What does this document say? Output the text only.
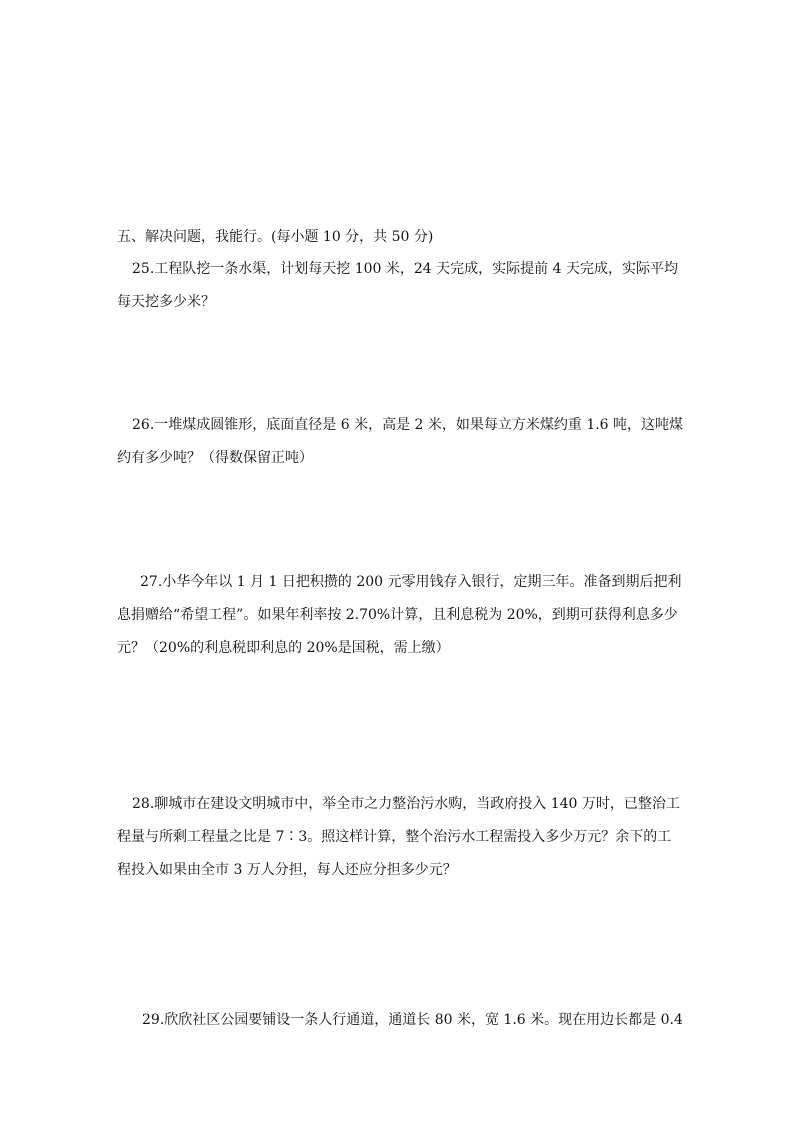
五、解决问题，我能行。(每小题 10 分，共 50 分)
25.工程队挖一条水渠，计划每天挖 100 米，24 天完成，实际提前 4 天完成，实际平均
每天挖多少米？
26.一堆煤成圆锥形，底面直径是 6 米，高是 2 米，如果每立方米煤约重 1.6 吨，这吨煤
约有多少吨？（得数保留正吨）
27.小华今年以 1 月 1 日把积攒的 200 元零用钱存入银行，定期三年。准备到期后把利
息捐赠给“希望工程”。如果年利率按 2.70%计算，且利息税为 20%，到期可获得利息多少
元？（20%的利息税即利息的 20%是国税，需上缴）
28.聊城市在建设文明城市中，举全市之力整治污水购，当政府投入 140 万时，已整治工
程量与所剩工程量之比是 7∶3。照这样计算，整个治污水工程需投入多少万元？余下的工
程投入如果由全市 3 万人分担，每人还应分担多少元？
29.欣欣社区公园要铺设一条人行通道，通道长 80 米，宽 1.6 米。现在用边长都是 0.4
